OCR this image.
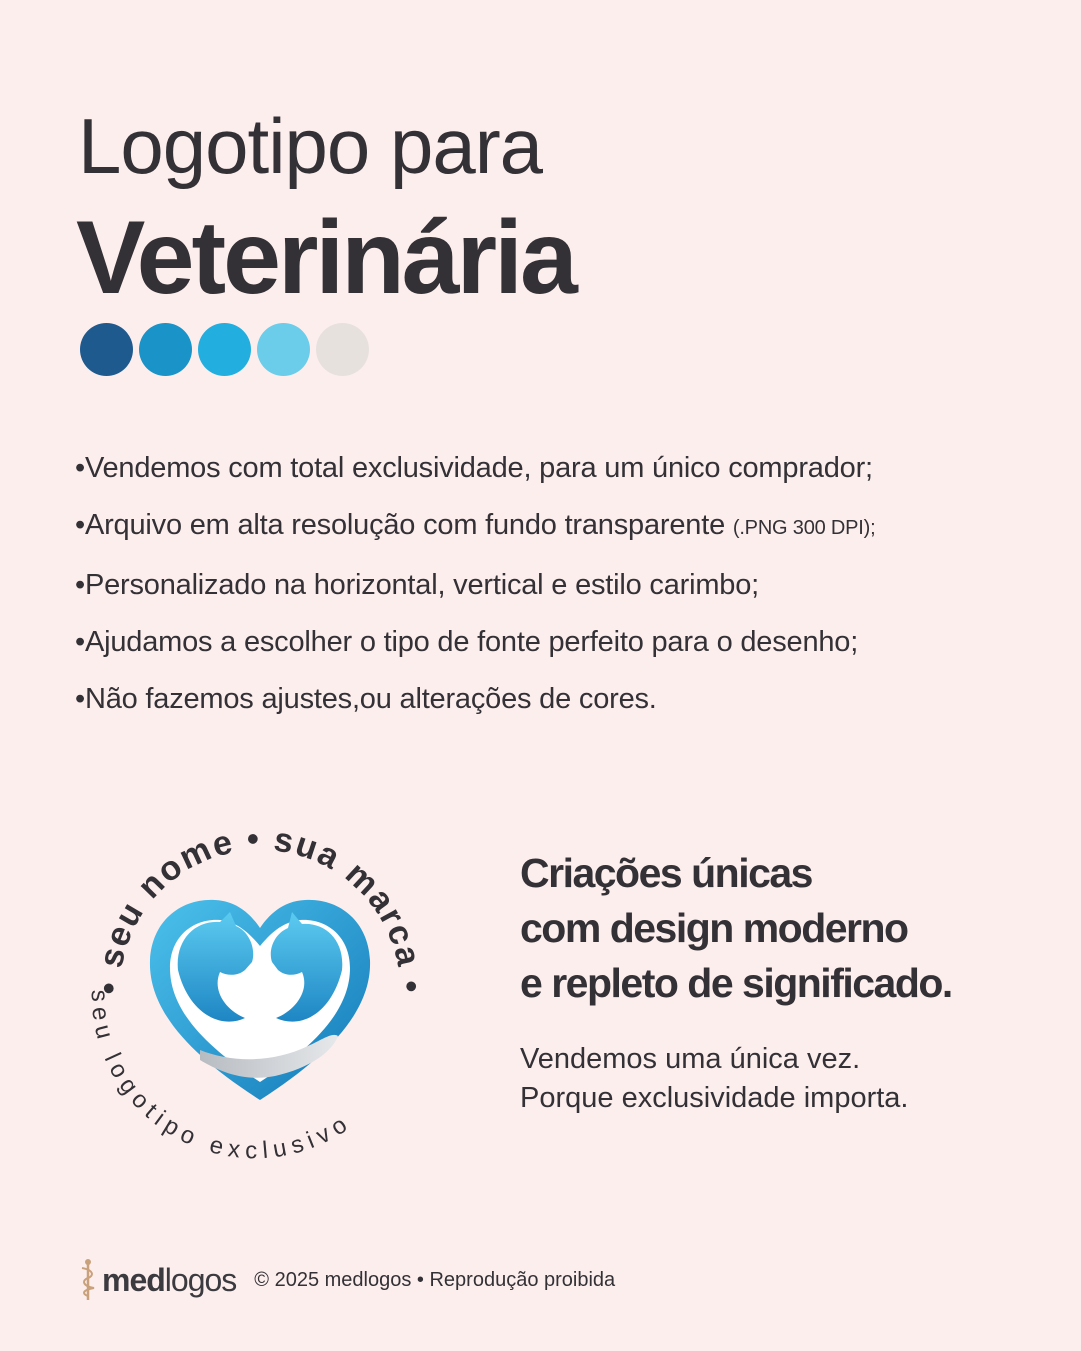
Logotipo para
Veterinária
•Vendemos com total exclusividade, para um único comprador;
•Arquivo em alta resolução com fundo transparente (.PNG 300 DPI);
•Personalizado na horizontal, vertical e estilo carimbo;
•Ajudamos a escolher o tipo de fonte perfeito para o desenho;
•Não fazemos ajustes,ou alterações de cores.
• seu nome • sua marca •
seu logotipo exclusivo
Criações únicas
com design moderno
e repleto de significado.
Vendemos uma única vez.
Porque exclusividade importa.
med logos © 2025 medlogos • Reprodução proibida
